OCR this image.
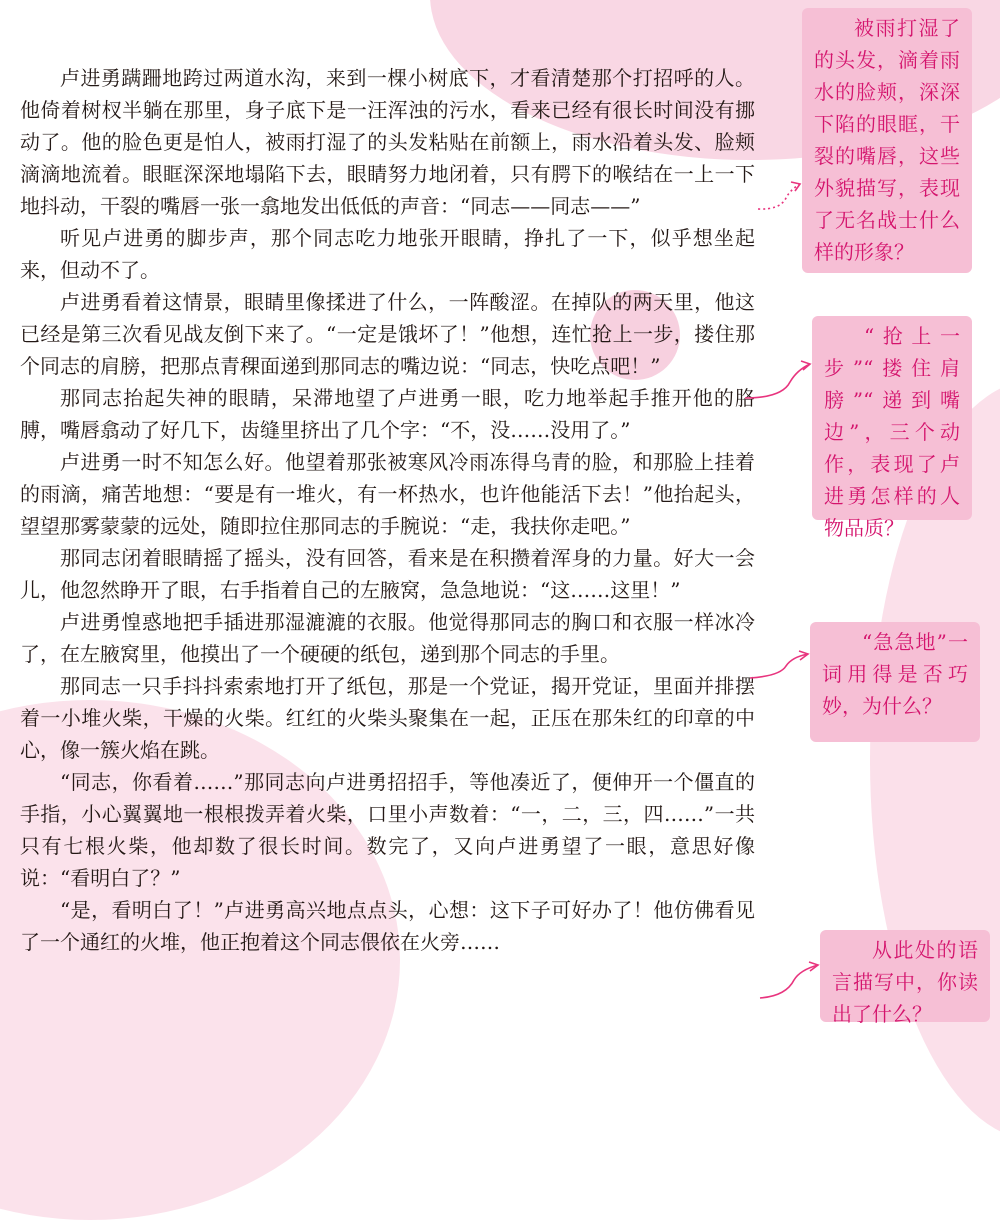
卢进勇蹒跚地跨过两道水沟，来到一棵小树底下，才看清楚那个打招呼的人。他倚着树杈半躺在那里，身子底下是一汪浑浊的污水，看来已经有很长时间没有挪动了。他的脸色更是怕人，被雨打湿了的头发粘贴在前额上，雨水沿着头发、脸颊滴滴地流着。眼眶深深地塌陷下去，眼睛努力地闭着，只有腭下的喉结在一上一下地抖动，干裂的嘴唇一张一翕地发出低低的声音：“同志——同志——”

听见卢进勇的脚步声，那个同志吃力地张开眼睛，挣扎了一下，似乎想坐起来，但动不了。

卢进勇看着这情景，眼睛里像揉进了什么，一阵酸涩。在掉队的两天里，他这已经是第三次看见战友倒下来了。“一定是饿坏了！”他想，连忙抢上一步，搂住那个同志的肩膀，把那点青稞面递到那同志的嘴边说：“同志，快吃点吧！”

那同志抬起失神的眼睛，呆滞地望了卢进勇一眼，吃力地举起手推开他的胳膊，嘴唇翕动了好几下，齿缝里挤出了几个字：“不，没……没用了。”

卢进勇一时不知怎么好。他望着那张被寒风冷雨冻得乌青的脸，和那脸上挂着的雨滴，痛苦地想：“要是有一堆火，有一杯热水，也许他能活下去！”他抬起头，望望那雾蒙蒙的远处，随即拉住那同志的手腕说：“走，我扶你走吧。”

那同志闭着眼睛摇了摇头，没有回答，看来是在积攒着浑身的力量。好大一会儿，他忽然睁开了眼，右手指着自己的左腋窝，急急地说：“这……这里！”

卢进勇惶惑地把手插进那湿漉漉的衣服。他觉得那同志的胸口和衣服一样冰冷了，在左腋窝里，他摸出了一个硬硬的纸包，递到那个同志的手里。

那同志一只手抖抖索索地打开了纸包，那是一个党证，揭开党证，里面并排摆着一小堆火柴，干燥的火柴。红红的火柴头聚集在一起，正压在那朱红的印章的中心，像一簇火焰在跳。

“同志，你看着……”那同志向卢进勇招招手，等他凑近了，便伸开一个僵直的手指，小心翼翼地一根根拨弄着火柴，口里小声数着：“一，二，三，四……”一共只有七根火柴，他却数了很长时间。数完了，又向卢进勇望了一眼，意思好像说：“看明白了？”

“是，看明白了！”卢进勇高兴地点点头，心想：这下子可好办了！他仿佛看见了一个通红的火堆，他正抱着这个同志偎依在火旁……

被雨打湿了的头发，滴着雨水的脸颊，深深下陷的眼眶，干裂的嘴唇，这些外貌描写，表现了无名战士什么样的形象？
“抢上一步”“搂住肩膀”“递到嘴边”，三个动作，表现了卢进勇怎样的人物品质？
“急急地”一词用得是否巧妙，为什么？
从此处的语言描写中，你读出了什么？
